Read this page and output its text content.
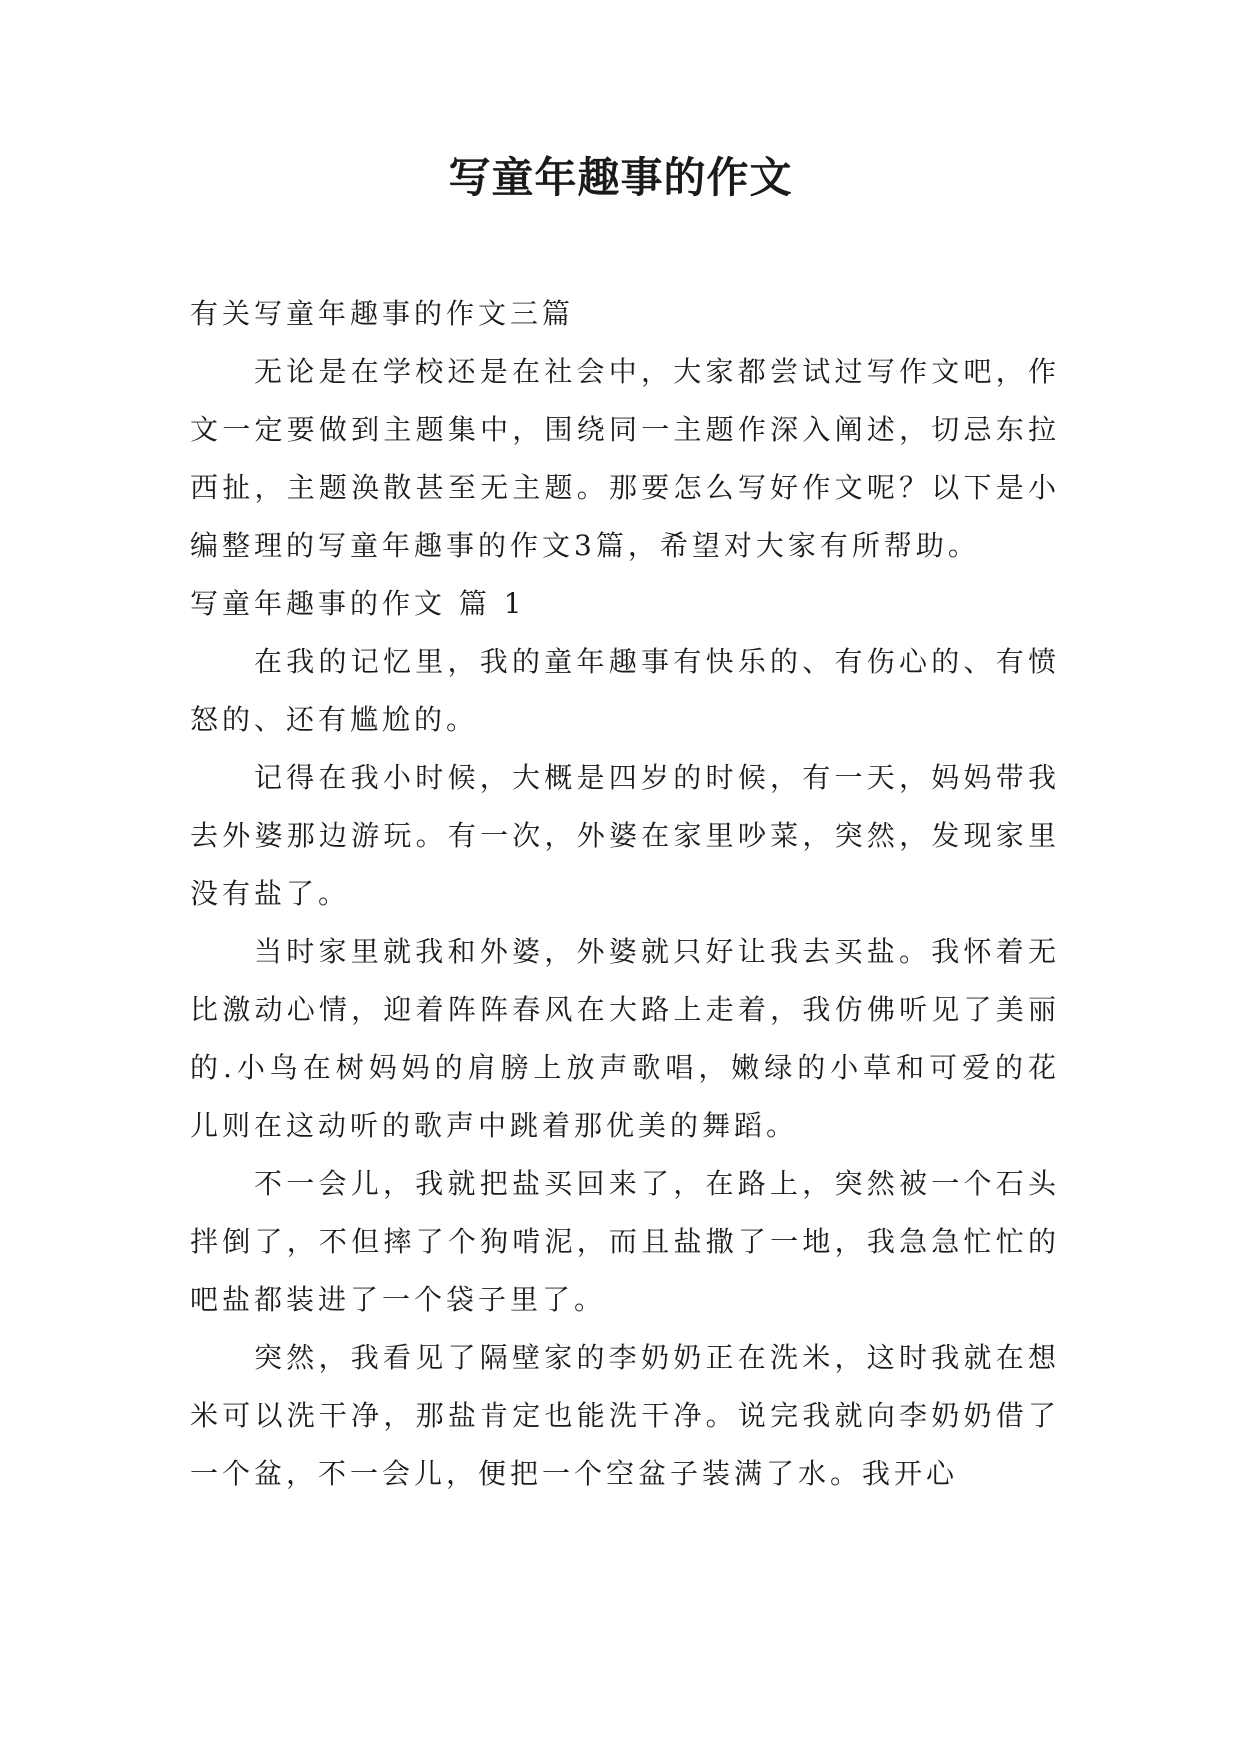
写童年趣事的作文

有关写童年趣事的作文三篇

无论是在学校还是在社会中，大家都尝试过写作文吧，作文一定要做到主题集中，围绕同一主题作深入阐述，切忌东拉西扯，主题涣散甚至无主题。那要怎么写好作文呢？以下是小编整理的写童年趣事的作文3篇，希望对大家有所帮助。

写童年趣事的作文 篇 1

在我的记忆里，我的童年趣事有快乐的、有伤心的、有愤怒的、还有尴尬的。

记得在我小时候，大概是四岁的时候，有一天，妈妈带我去外婆那边游玩。有一次，外婆在家里吵菜，突然，发现家里没有盐了。

当时家里就我和外婆，外婆就只好让我去买盐。我怀着无比激动心情，迎着阵阵春风在大路上走着，我仿佛听见了美丽的.小鸟在树妈妈的肩膀上放声歌唱，嫩绿的小草和可爱的花儿则在这动听的歌声中跳着那优美的舞蹈。

不一会儿，我就把盐买回来了，在路上，突然被一个石头拌倒了，不但摔了个狗啃泥，而且盐撒了一地，我急急忙忙的吧盐都装进了一个袋子里了。

突然，我看见了隔壁家的李奶奶正在洗米，这时我就在想米可以洗干净，那盐肯定也能洗干净。说完我就向李奶奶借了一个盆，不一会儿，便把一个空盆子装满了水。我开心
